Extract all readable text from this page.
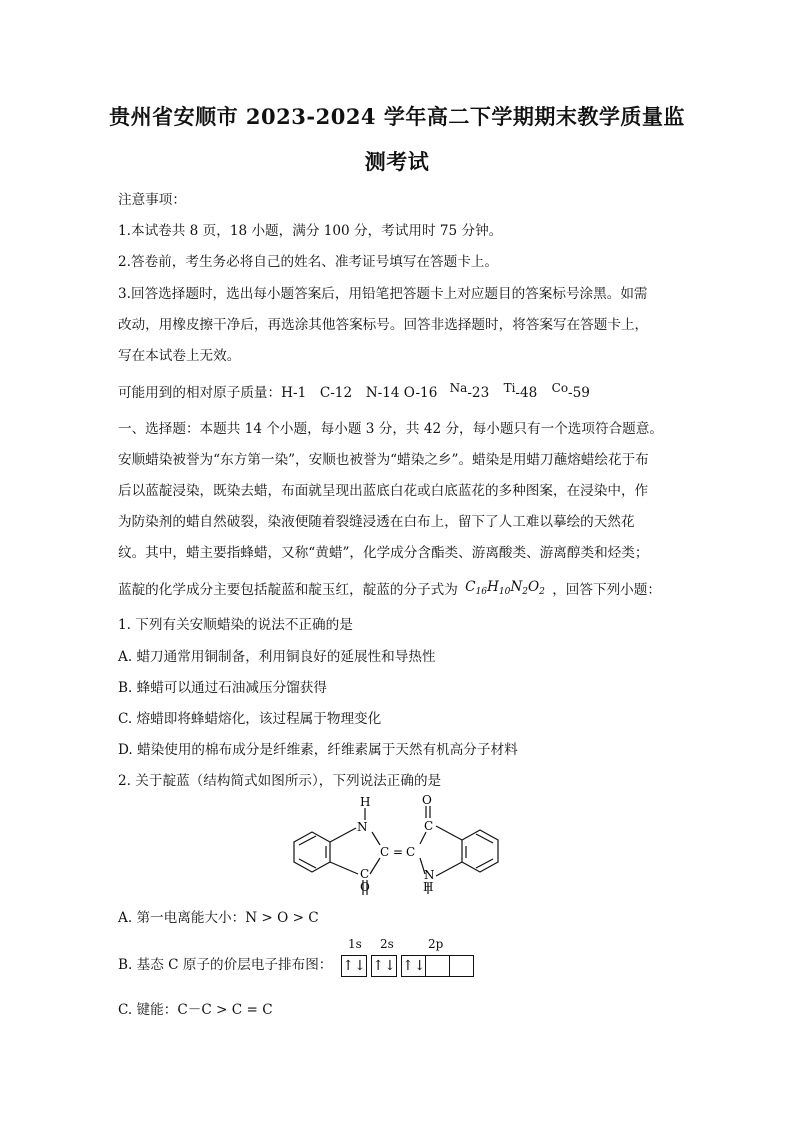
贵州省安顺市 2023-2024 学年高二下学期期末教学质量监
测考试
注意事项：
1.本试卷共 8 页，18 小题，满分 100 分，考试用时 75 分钟。
2.答卷前，考生务必将自己的姓名、准考证号填写在答题卡上。
3.回答选择题时，选出每小题答案后，用铅笔把答题卡上对应题目的答案标号涂黑。如需
改动，用橡皮擦干净后，再选涂其他答案标号。回答非选择题时，将答案写在答题卡上，
写在本试卷上无效。
可能用到的相对原子质量：H-1　C-12　N-14 O-16 Na-23 Ti-48 Co-59
一、选择题：本题共 14 个小题，每小题 3 分，共 42 分，每小题只有一个选项符合题意。
安顺蜡染被誉为“东方第一染”，安顺也被誉为“蜡染之乡”。蜡染是用蜡刀蘸熔蜡绘花于布
后以蓝靛浸染，既染去蜡，布面就呈现出蓝底白花或白底蓝花的多种图案，在浸染中，作
为防染剂的蜡自然破裂，染液便随着裂缝浸透在白布上，留下了人工难以摹绘的天然花
纹。其中，蜡主要指蜂蜡，又称“黄蜡”，化学成分含酯类、游离酸类、游离醇类和烃类；
蓝靛的化学成分主要包括靛蓝和靛玉红，靛蓝的分子式为 $C_{16}H_{10}N_2O_2$ ，回答下列小题：
1. 下列有关安顺蜡染的说法不正确的是
A. 蜡刀通常用铜制备，利用铜良好的延展性和导热性
B. 蜂蜡可以通过石油减压分馏获得
C. 熔蜡即将蜂蜡熔化，该过程属于物理变化
D. 蜡染使用的棉布成分是纤维素，纤维素属于天然有机高分子材料
2. 关于靛蓝（结构简式如图所示），下列说法正确的是
H
N
C = C
O
C
C	N
O	H
A. 第一电离能大小：N > O > C
B. 基态 C 原子的价层电子排布图：
1s 2s	2p
↑↓ ↑↓ ↑↓
C. 键能：C－C > C = C
